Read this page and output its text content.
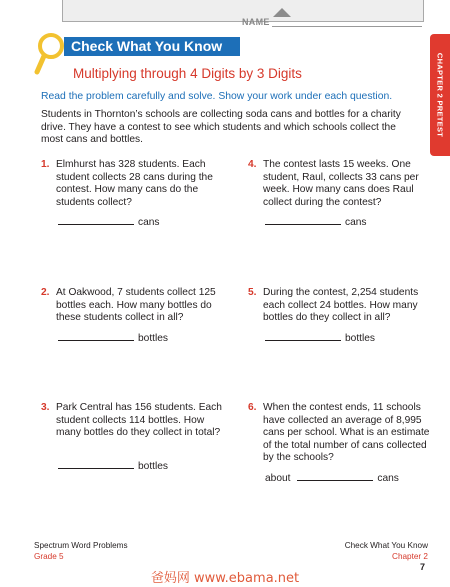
NAME
CHAPTER 2 PRETEST
Check What You Know
Multiplying through 4 Digits by 3 Digits
Read the problem carefully and solve. Show your work under each question.
Students in Thornton’s schools are collecting soda cans and bottles for a charity drive. They have a contest to see which students and which schools collect the most cans and bottles.
1. Elmhurst has 328 students. Each student collects 28 cans during the contest. How many cans do the students collect?
cans
2. At Oakwood, 7 students collect 125 bottles each. How many bottles do these students collect in all?
bottles
3. Park Central has 156 students. Each student collects 114 bottles. How many bottles do they collect in total?
bottles
4. The contest lasts 15 weeks. One student, Raul, collects 33 cans per week. How many cans does Raul collect during the contest?
cans
5. During the contest, 2,254 students each collect 24 bottles. How many bottles do they collect in all?
bottles
6. When the contest ends, 11 schools have collected an average of 8,995 cans per school. What is an estimate of the total number of cans collected by the schools?
about	cans
Spectrum Word Problems
Grade 5
Check What You Know
Chapter 2
7
爸妈网 www.ebama.net
